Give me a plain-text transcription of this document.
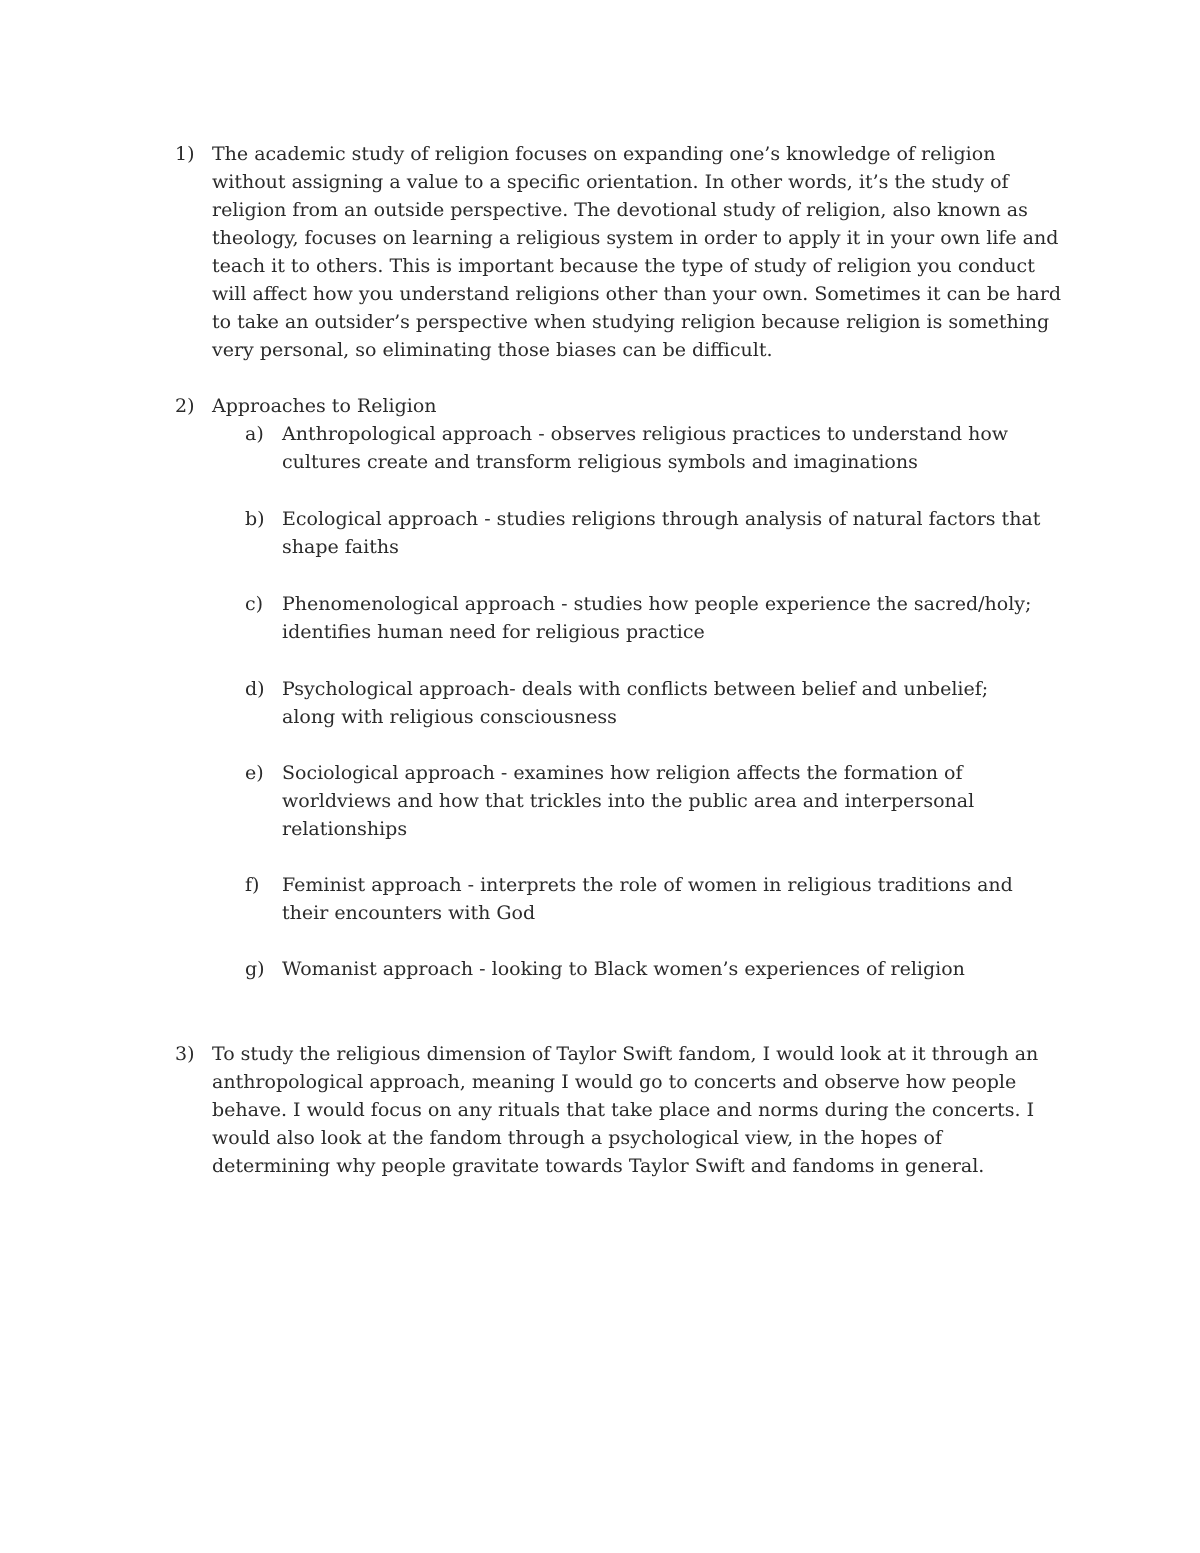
1) The academic study of religion focuses on expanding one’s knowledge of religion without assigning a value to a specific orientation. In other words, it’s the study of religion from an outside perspective. The devotional study of religion, also known as theology, focuses on learning a religious system in order to apply it in your own life and teach it to others. This is important because the type of study of religion you conduct will affect how you understand religions other than your own. Sometimes it can be hard to take an outsider’s perspective when studying religion because religion is something very personal, so eliminating those biases can be difficult.
2) Approaches to Religion
a) Anthropological approach - observes religious practices to understand how cultures create and transform religious symbols and imaginations
b) Ecological approach - studies religions through analysis of natural factors that shape faiths
c) Phenomenological approach - studies how people experience the sacred/holy; identifies human need for religious practice
d) Psychological approach- deals with conflicts between belief and unbelief; along with religious consciousness
e) Sociological approach - examines how religion affects the formation of worldviews and how that trickles into the public area and interpersonal relationships
f) Feminist approach - interprets the role of women in religious traditions and their encounters with God
g) Womanist approach - looking to Black women’s experiences of religion
3) To study the religious dimension of Taylor Swift fandom, I would look at it through an anthropological approach, meaning I would go to concerts and observe how people behave. I would focus on any rituals that take place and norms during the concerts. I would also look at the fandom through a psychological view, in the hopes of determining why people gravitate towards Taylor Swift and fandoms in general.
